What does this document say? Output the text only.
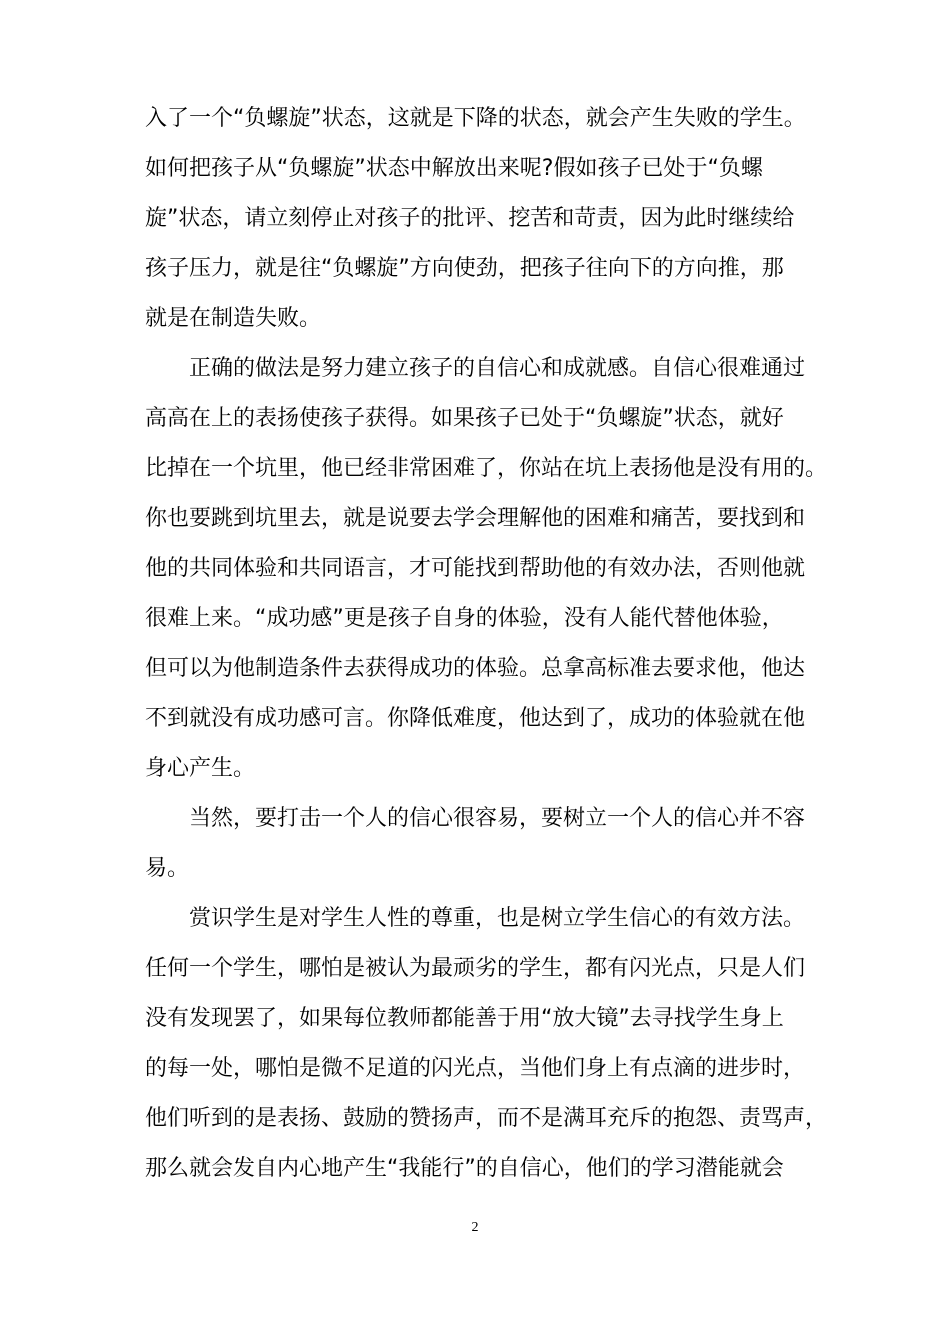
入了一个“负螺旋”状态，这就是下降的状态，就会产生失败的学生。
如何把孩子从“负螺旋”状态中解放出来呢?假如孩子已处于“负螺
旋”状态，请立刻停止对孩子的批评、挖苦和苛责，因为此时继续给
孩子压力，就是往“负螺旋”方向使劲，把孩子往向下的方向推，那
就是在制造失败。
正确的做法是努力建立孩子的自信心和成就感。自信心很难通过
高高在上的表扬使孩子获得。如果孩子已处于“负螺旋”状态，就好
比掉在一个坑里，他已经非常困难了，你站在坑上表扬他是没有用的。
你也要跳到坑里去，就是说要去学会理解他的困难和痛苦，要找到和
他的共同体验和共同语言，才可能找到帮助他的有效办法，否则他就
很难上来。“成功感”更是孩子自身的体验，没有人能代替他体验，
但可以为他制造条件去获得成功的体验。总拿高标准去要求他，他达
不到就没有成功感可言。你降低难度，他达到了，成功的体验就在他
身心产生。
当然，要打击一个人的信心很容易，要树立一个人的信心并不容
易。
赏识学生是对学生人性的尊重，也是树立学生信心的有效方法。
任何一个学生，哪怕是被认为最顽劣的学生，都有闪光点，只是人们
没有发现罢了，如果每位教师都能善于用“放大镜”去寻找学生身上
的每一处，哪怕是微不足道的闪光点，当他们身上有点滴的进步时，
他们听到的是表扬、鼓励的赞扬声，而不是满耳充斥的抱怨、责骂声，
那么就会发自内心地产生“我能行”的自信心，他们的学习潜能就会
2
